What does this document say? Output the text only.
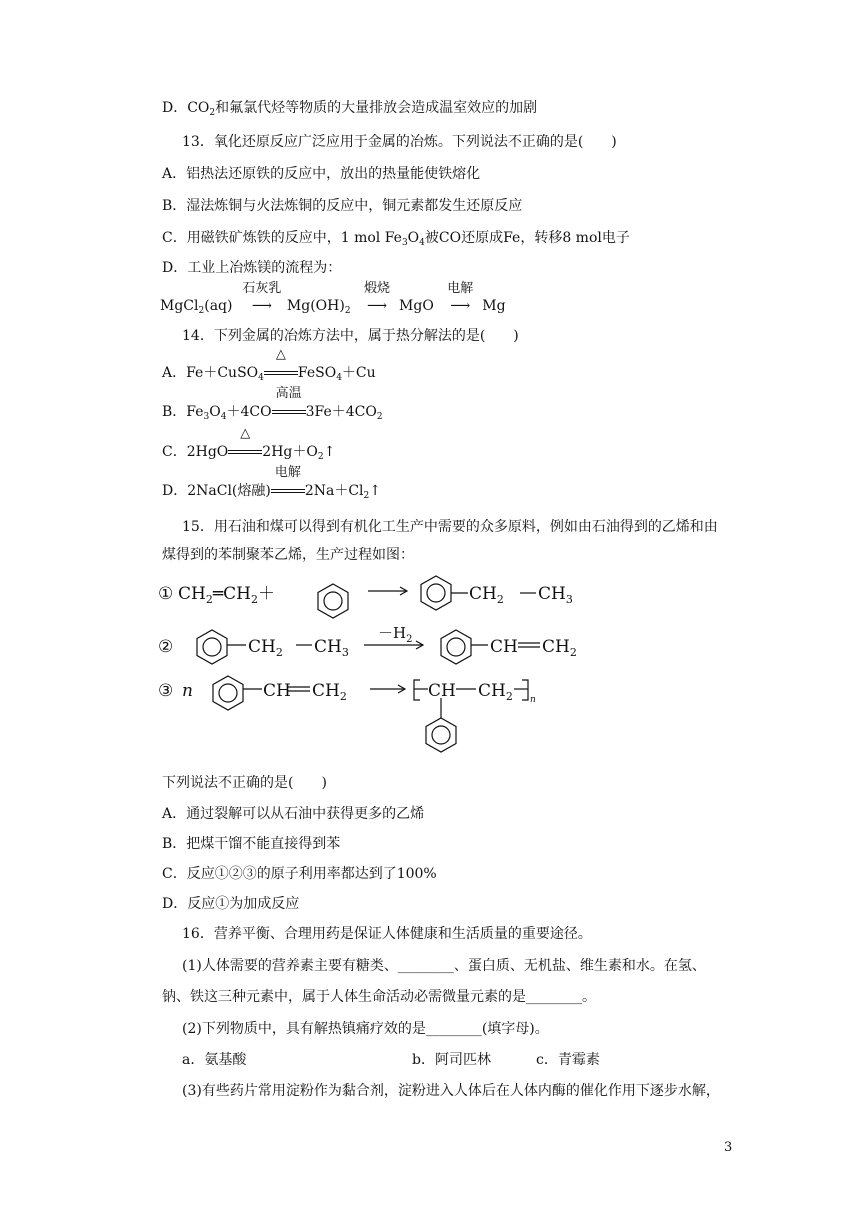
D．$CO_2$和氟氯代烃等物质的大量排放会造成温室效应的加剧
13．氧化还原反应广泛应用于金属的冶炼。下列说法不正确的是(　　)
A．铝热法还原铁的反应中，放出的热量能使铁熔化
B．湿法炼铜与火法炼铜的反应中，铜元素都发生还原反应
C．用磁铁矿炼铁的反应中，1 mol $Fe_3O_4$被CO还原成Fe，转移8 mol电子
D．工业上冶炼镁的流程为：
MgCl$_2$(aq)
石灰乳
⟶ $Mg(OH)_2$
煅烧
⟶ MgO
电解
⟶ Mg
14．下列金属的冶炼方法中，属于热分解法的是(　　)
A．Fe＋CuSO$_4$
△
FeSO$_4$＋Cu
B．$Fe_3O_4+4CO$
高温
$3Fe+4CO_2$
C．2HgO
△
$2Hg+O_2↑$
D．2NaCl(熔融)
电解
$2Na+Cl_2↑$
15．用石油和煤可以得到有机化工生产中需要的众多原料，例如由石油得到的乙烯和由
煤得到的苯制聚苯乙烯，生产过程如图：
① $CH_2═CH_2+$	$CH_2$ $CH_3$
②	$CH_2$ $CH_3$
$-H_2$	CH $CH_2$
③ n	CH $CH_2$	CH $CH_2$ n
下列说法不正确的是(　　)
A．通过裂解可以从石油中获得更多的乙烯
B．把煤干馏不能直接得到苯
C．反应①②③的原子利用率都达到了100%
D．反应①为加成反应
16．营养平衡、合理用药是保证人体健康和生活质量的重要途径。
(1)人体需要的营养素主要有糖类、________、蛋白质、无机盐、维生素和水。在氢、
钠、铁这三种元素中，属于人体生命活动必需微量元素的是________。
(2)下列物质中，具有解热镇痛疗效的是________(填字母)。
a．氨基酸	b．阿司匹林	c．青霉素
(3)有些药片常用淀粉作为黏合剂，淀粉进入人体后在人体内酶的催化作用下逐步水解，
3
